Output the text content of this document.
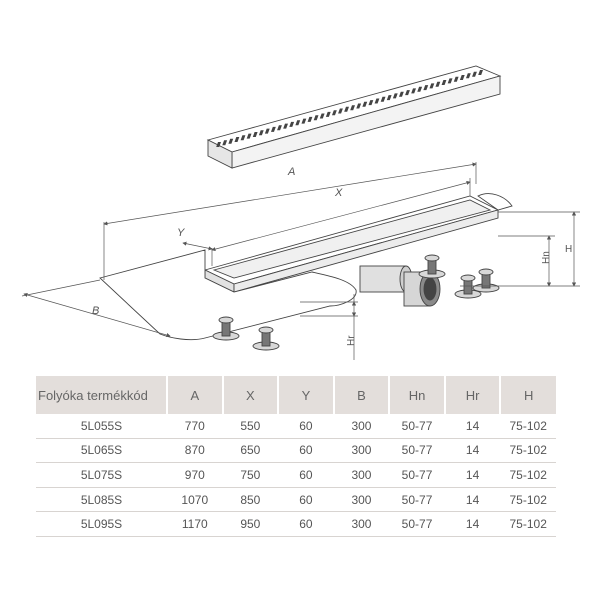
A
X
Y
B
Hn
H
Hr
Folyóka termékkód	A	X	Y	B	Hn	Hr	H
5L055S	770	550	60	300	50-77	14	75-102
5L065S	870	650	60	300	50-77	14	75-102
5L075S	970	750	60	300	50-77	14	75-102
5L085S	1070	850	60	300	50-77	14	75-102
5L095S	1170	950	60	300	50-77	14	75-102
